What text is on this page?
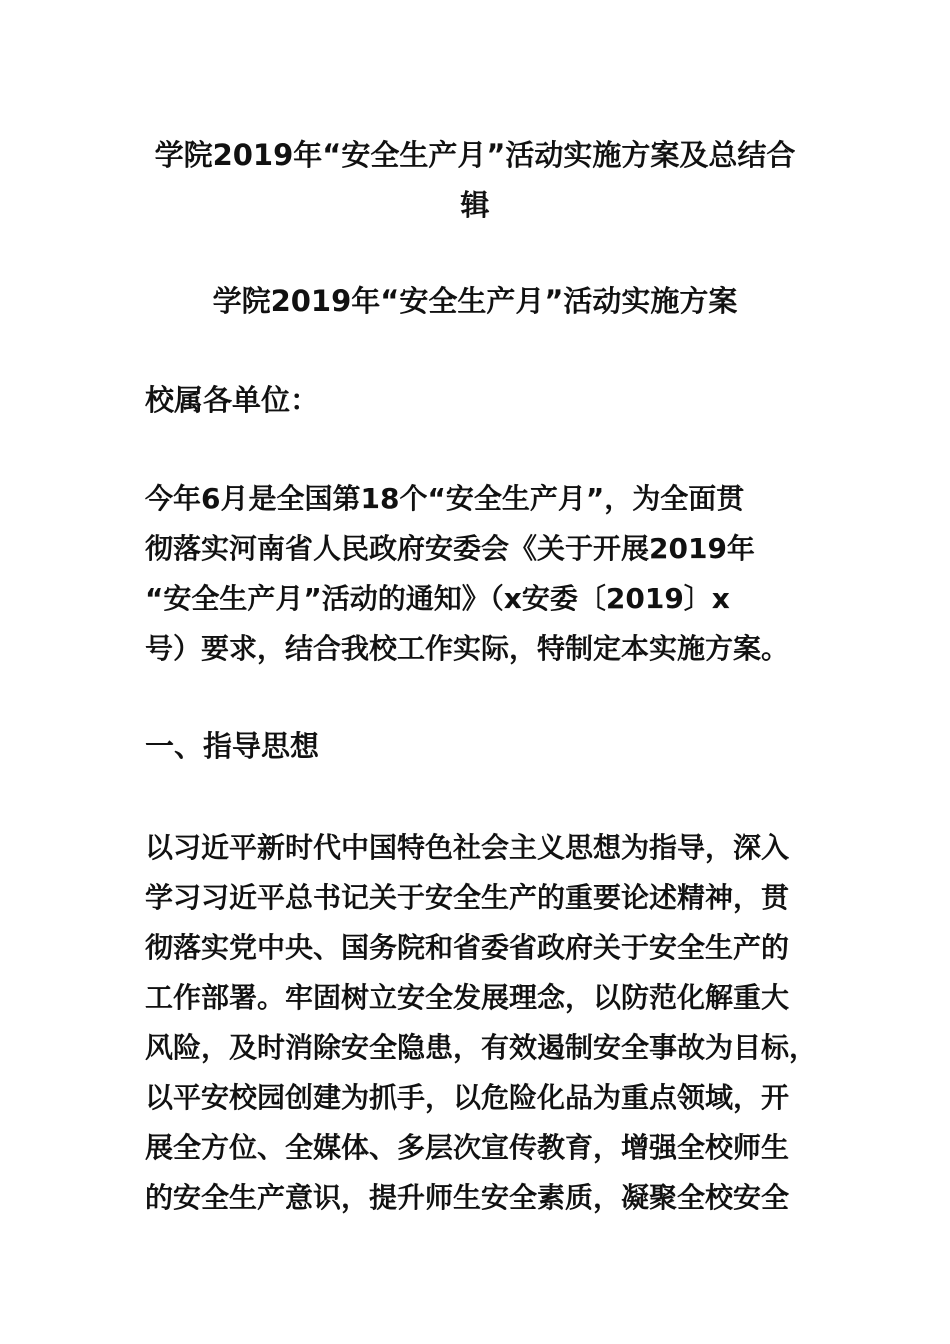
学院2019年“安全生产月”活动实施方案及总结合
辑
学院2019年“安全生产月”活动实施方案

校属各单位：

今年6月是全国第18个“安全生产月”，为全面贯
彻落实河南省人民政府安委会《关于开展2019年
“安全生产月”活动的通知》（x安委〔2019〕x
号）要求，结合我校工作实际，特制定本实施方案。

一、指导思想

以习近平新时代中国特色社会主义思想为指导，深入
学习习近平总书记关于安全生产的重要论述精神，贯
彻落实党中央、国务院和省委省政府关于安全生产的
工作部署。牢固树立安全发展理念，以防范化解重大
风险，及时消除安全隐患，有效遏制安全事故为目标，
以平安校园创建为抓手，以危险化品为重点领域，开
展全方位、全媒体、多层次宣传教育，增强全校师生
的安全生产意识，提升师生安全素质，凝聚全校安全
